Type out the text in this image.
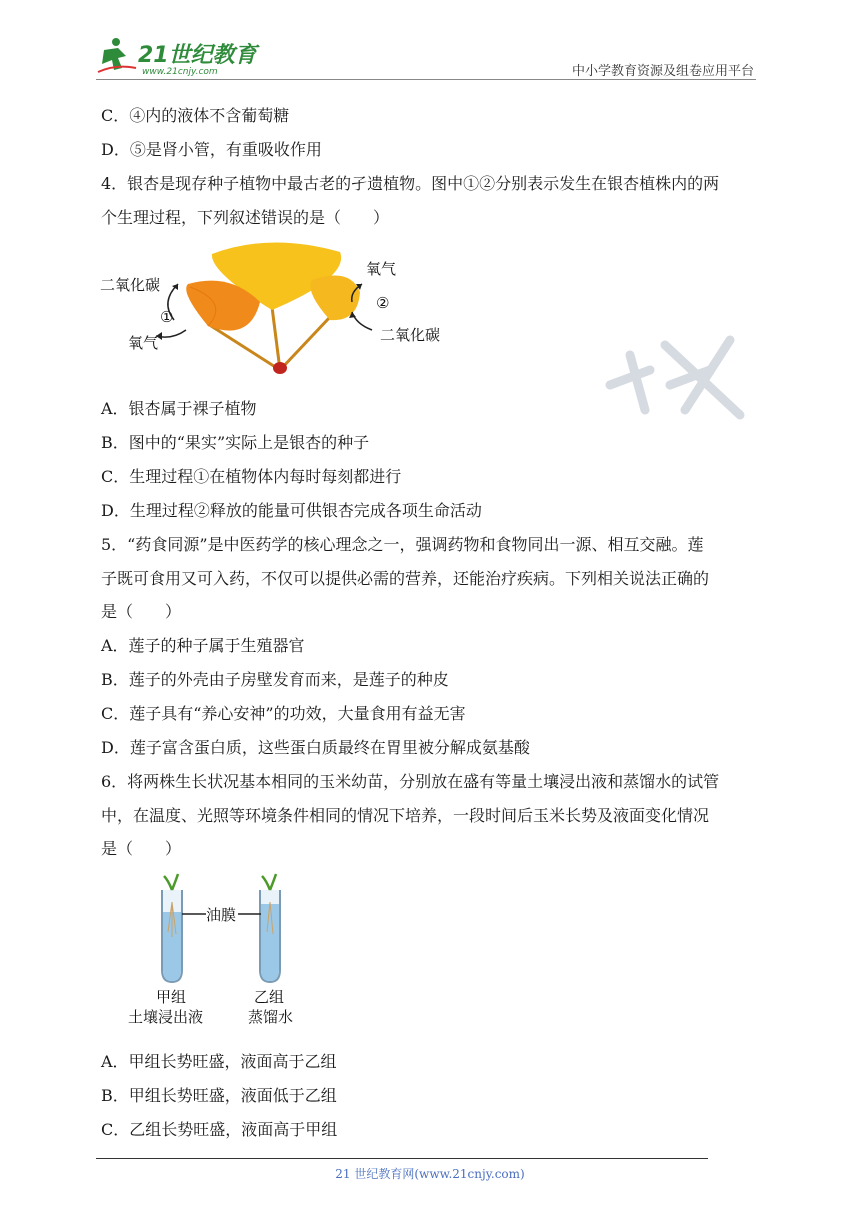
21世纪教育
www.21cnjy.com	中小学教育资源及组卷应用平台
C．④内的液体不含葡萄糖
D．⑤是肾小管，有重吸收作用
4．银杏是现存种子植物中最古老的孑遗植物。图中①②分别表示发生在银杏植株内的两
个生理过程，下列叙述错误的是（　　）
二氧化碳
①
氧气
氧气
②
二氧化碳
A．银杏属于裸子植物
B．图中的“果实”实际上是银杏的种子
C．生理过程①在植物体内每时每刻都进行
D．生理过程②释放的能量可供银杏完成各项生命活动
5．“药食同源”是中医药学的核心理念之一，强调药物和食物同出一源、相互交融。莲
子既可食用又可入药，不仅可以提供必需的营养，还能治疗疾病。下列相关说法正确的
是（　　）
A．莲子的种子属于生殖器官
B．莲子的外壳由子房壁发育而来，是莲子的种皮
C．莲子具有“养心安神”的功效，大量食用有益无害
D．莲子富含蛋白质，这些蛋白质最终在胃里被分解成氨基酸
6．将两株生长状况基本相同的玉米幼苗，分别放在盛有等量土壤浸出液和蒸馏水的试管
中，在温度、光照等环境条件相同的情况下培养，一段时间后玉米长势及液面变化情况
是（　　）
油膜
甲组
土壤浸出液
乙组
蒸馏水
A．甲组长势旺盛，液面高于乙组
B．甲组长势旺盛，液面低于乙组
C．乙组长势旺盛，液面高于甲组
21 世纪教育网(www.21cnjy.com)
